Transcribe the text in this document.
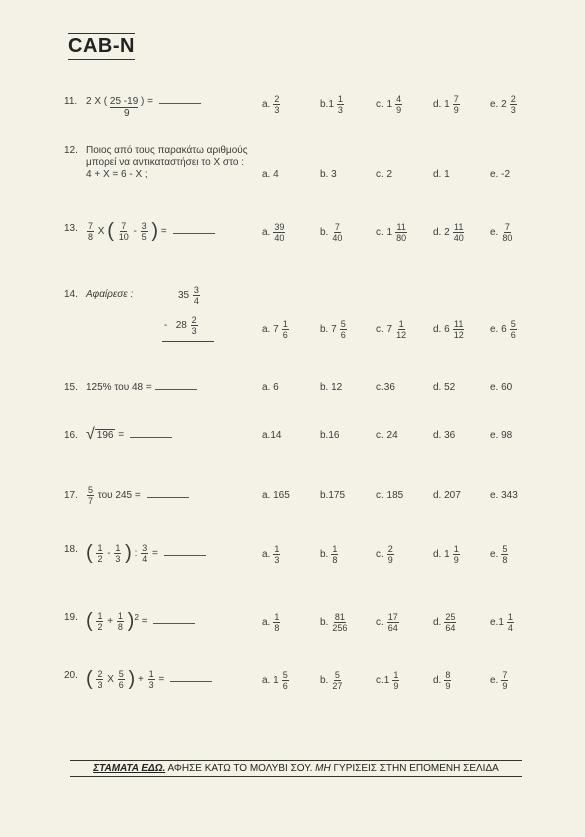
CAB-N
11. 2 X ( 25 -19 ) =
9
a. $\frac{2}{3}$	$b.1 \frac{1}{3}$	c. $1 \frac{4}{9}$	d. $1 \frac{7}{9}$	e. $2 \frac{2}{3}$
12. Ποιος από τους παρακάτω αριθμούς
μπορεί να αντικαταστήσει το Χ στο :
4 + Χ = 6 - Χ ;	a. 4	b. 3	c. 2	d. 1	e. -2
13. $\frac{7}{8}$ X ( $\frac{7}{10} - \frac{3}{5}$ ) =	a. $\frac{39}{40}$	b. $\frac{7}{40}$	c. $1 \frac{11}{80}$	d. $2 \frac{11}{40}$	e. $\frac{7}{80}$
14. Αφαίρεσε :	$35 \frac{3}{4}$
- $28 \frac{2}{3}$	a. $7 \frac{1}{6}$	b. $7 \frac{5}{6}$	c. $7 \frac{1}{12}$	d. $6 \frac{11}{12}$	e. $6 \frac{5}{6}$
15. 125% του 48 =	a. 6	b. 12	c.36	d. 52	e. 60
16. √ 196 =	a.14	b.16	c. 24	d. 36	e. 98
17. $\frac{5}{7}$ του 245 =	a. 165	b.175	c. 185	d. 207	e. 343
18. ( $\frac{1}{2} - \frac{1}{3}$ ) : $\frac{3}{4}$ =	a. $\frac{1}{3}$	b. $\frac{1}{8}$	c. $\frac{2}{9}$	d. $1 \frac{1}{9}$	e. $\frac{5}{8}$
19. ( $\frac{1}{2} + \frac{1}{8} )^2$ =	a. $\frac{1}{8}$	b. $\frac{81}{256}$	c. $\frac{17}{64}$	d. $\frac{25}{64}$	$e.1 \frac{1}{4}$
20. ( $\frac{2}{3}$ X $\frac{5}{6}$ ) + $\frac{1}{3}$ =	a. $1 \frac{5}{6}$	b. $\frac{5}{27}$	$c.1 \frac{1}{9}$	d. $\frac{8}{9}$	e. $\frac{7}{9}$
ΣΤΑΜΑΤΑ ΕΔΩ. ΑΦΗΣΕ ΚΑΤΩ ΤΟ ΜΟΛΥΒΙ ΣΟΥ. ΜΗ ΓΥΡΙΣΕΙΣ ΣΤΗΝ ΕΠΟΜΕΝΗ ΣΕΛΙΔΑ
